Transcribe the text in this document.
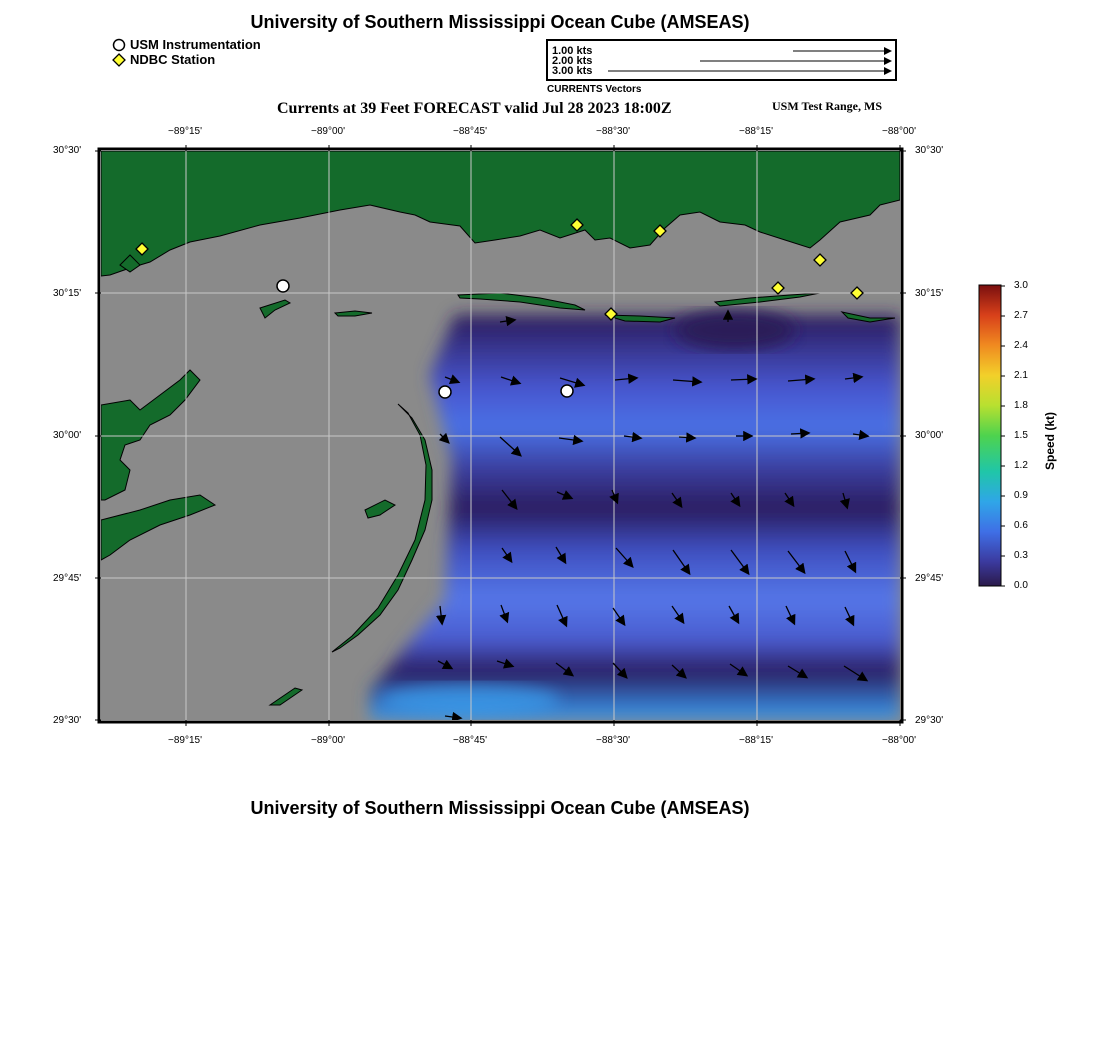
University of Southern Mississippi Ocean Cube (AMSEAS)
USM Instrumentation
NDBC Station
1.00 kts
2.00 kts
3.00 kts
CURRENTS Vectors
Currents at 39 Feet FORECAST valid Jul 28 2023 18:00Z	USM Test Range, MS
−89°15'	−89°00'	−88°45'	−88°30'	−88°15'	−88°00'
−89°15'	−89°00'	−88°45'	−88°30'	−88°15'	−88°00'
30°30'
30°15'
30°00'
29°45'
29°30'
30°30'
30°15'
30°00'
29°45'
29°30'
3.0
2.7
2.4
2.1
1.8
1.5
1.2
0.9
0.6
0.3
0.0
Speed (kt)
University of Southern Mississippi Ocean Cube (AMSEAS)
